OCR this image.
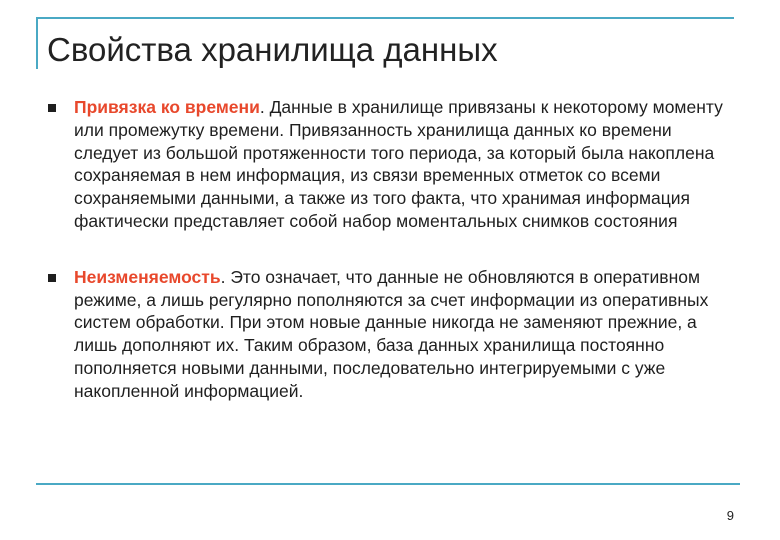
Свойства хранилища данных
Привязка ко времени. Данные в хранилище привязаны к некоторому моменту или промежутку времени. Привязанность хранилища данных ко времени следует из большой протяженности того периода, за который была накоплена сохраняемая в нем информация, из связи временных отметок со всеми сохраняемыми данными, а также из того факта, что хранимая информация фактически представляет собой набор моментальных снимков состояния
Неизменяемость. Это означает, что данные не обновляются в оперативном режиме, а лишь регулярно пополняются за счет информации из оперативных систем обработки. При этом новые данные никогда не заменяют прежние, а лишь дополняют их. Таким образом, база данных хранилища постоянно пополняется новыми данными, последовательно интегрируемыми с уже накопленной информацией.
9
